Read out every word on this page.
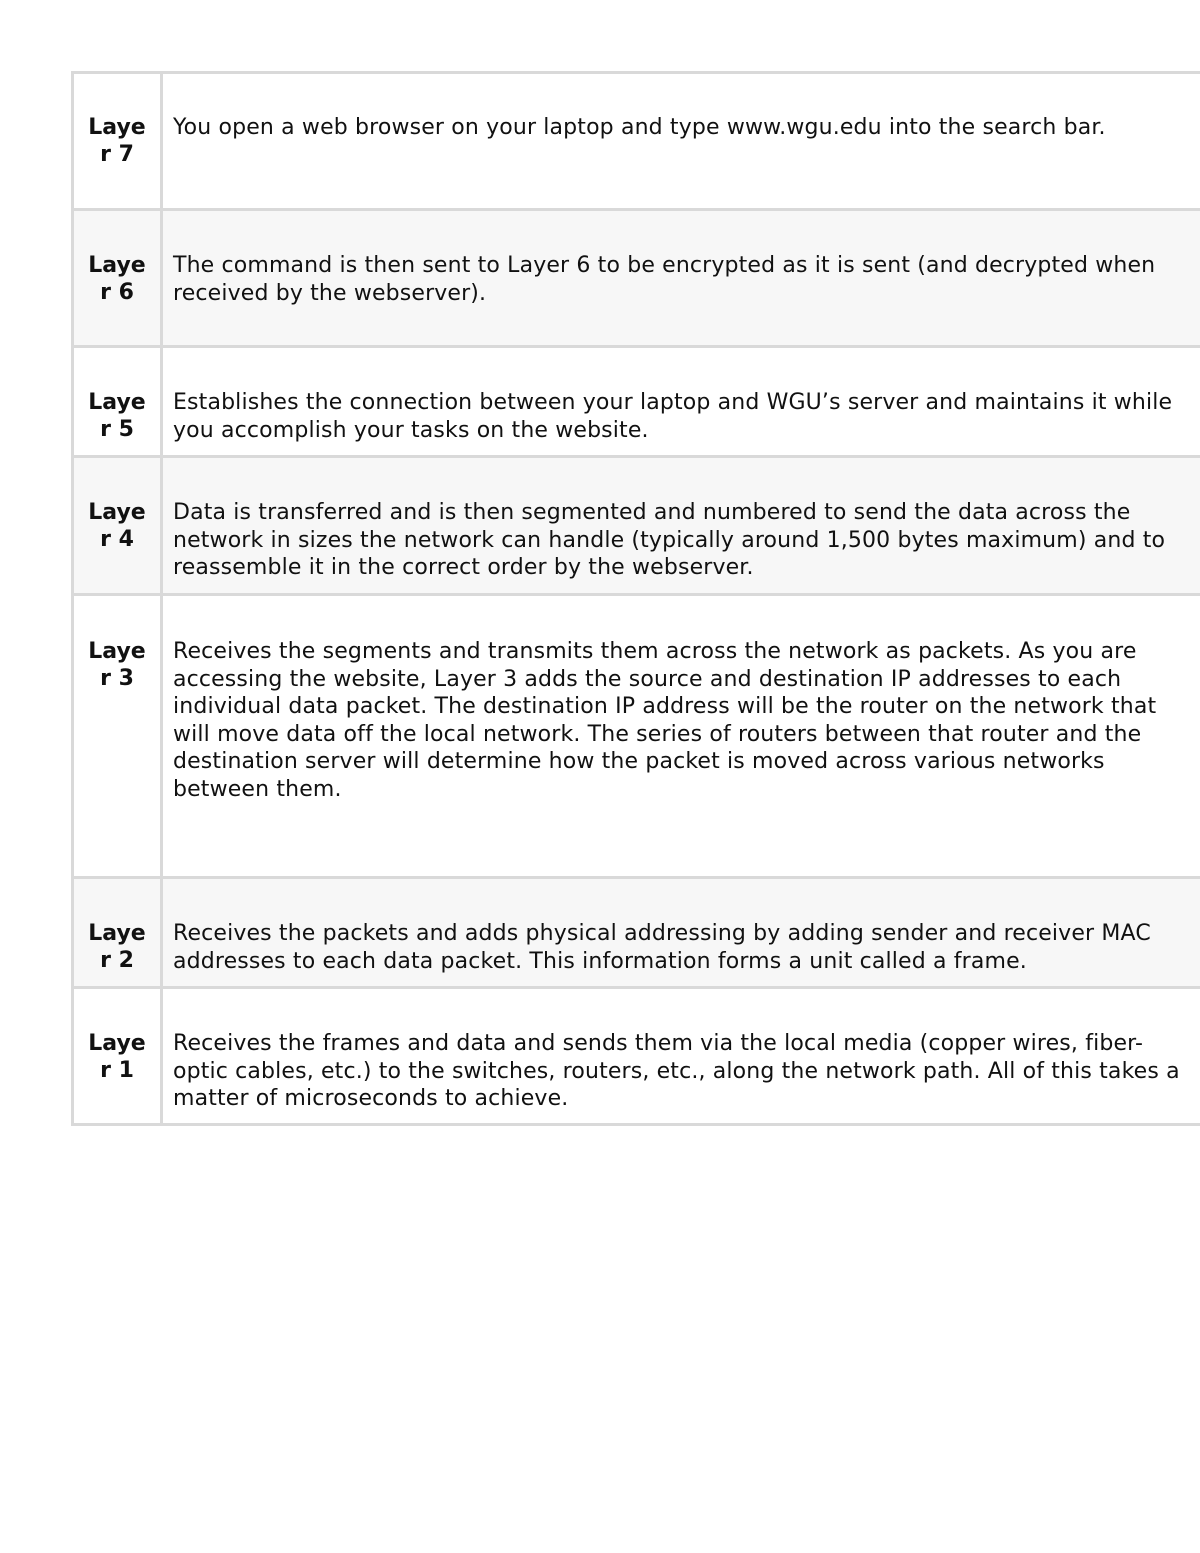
Layer 7	You open a web browser on your laptop and type www.wgu.edu into the search bar.

Layer 6	The command is then sent to Layer 6 to be encrypted as it is sent (and decrypted when received by the webserver).

Layer 5	Establishes the connection between your laptop and WGU’s server and maintains it while you accomplish your tasks on the website.

Layer 4	Data is transferred and is then segmented and numbered to send the data across the network in sizes the network can handle (typically around 1,500 bytes maximum) and to reassemble it in the correct order by the webserver.

Layer 3	Receives the segments and transmits them across the network as packets. As you are accessing the website, Layer 3 adds the source and destination IP addresses to each individual data packet. The destination IP address will be the router on the network that will move data off the local network. The series of routers between that router and the destination server will determine how the packet is moved across various networks between them.

Layer 2	Receives the packets and adds physical addressing by adding sender and receiver MAC addresses to each data packet. This information forms a unit called a frame.

Layer 1	Receives the frames and data and sends them via the local media (copper wires, fiber-optic cables, etc.) to the switches, routers, etc., along the network path. All of this takes a matter of microseconds to achieve.
